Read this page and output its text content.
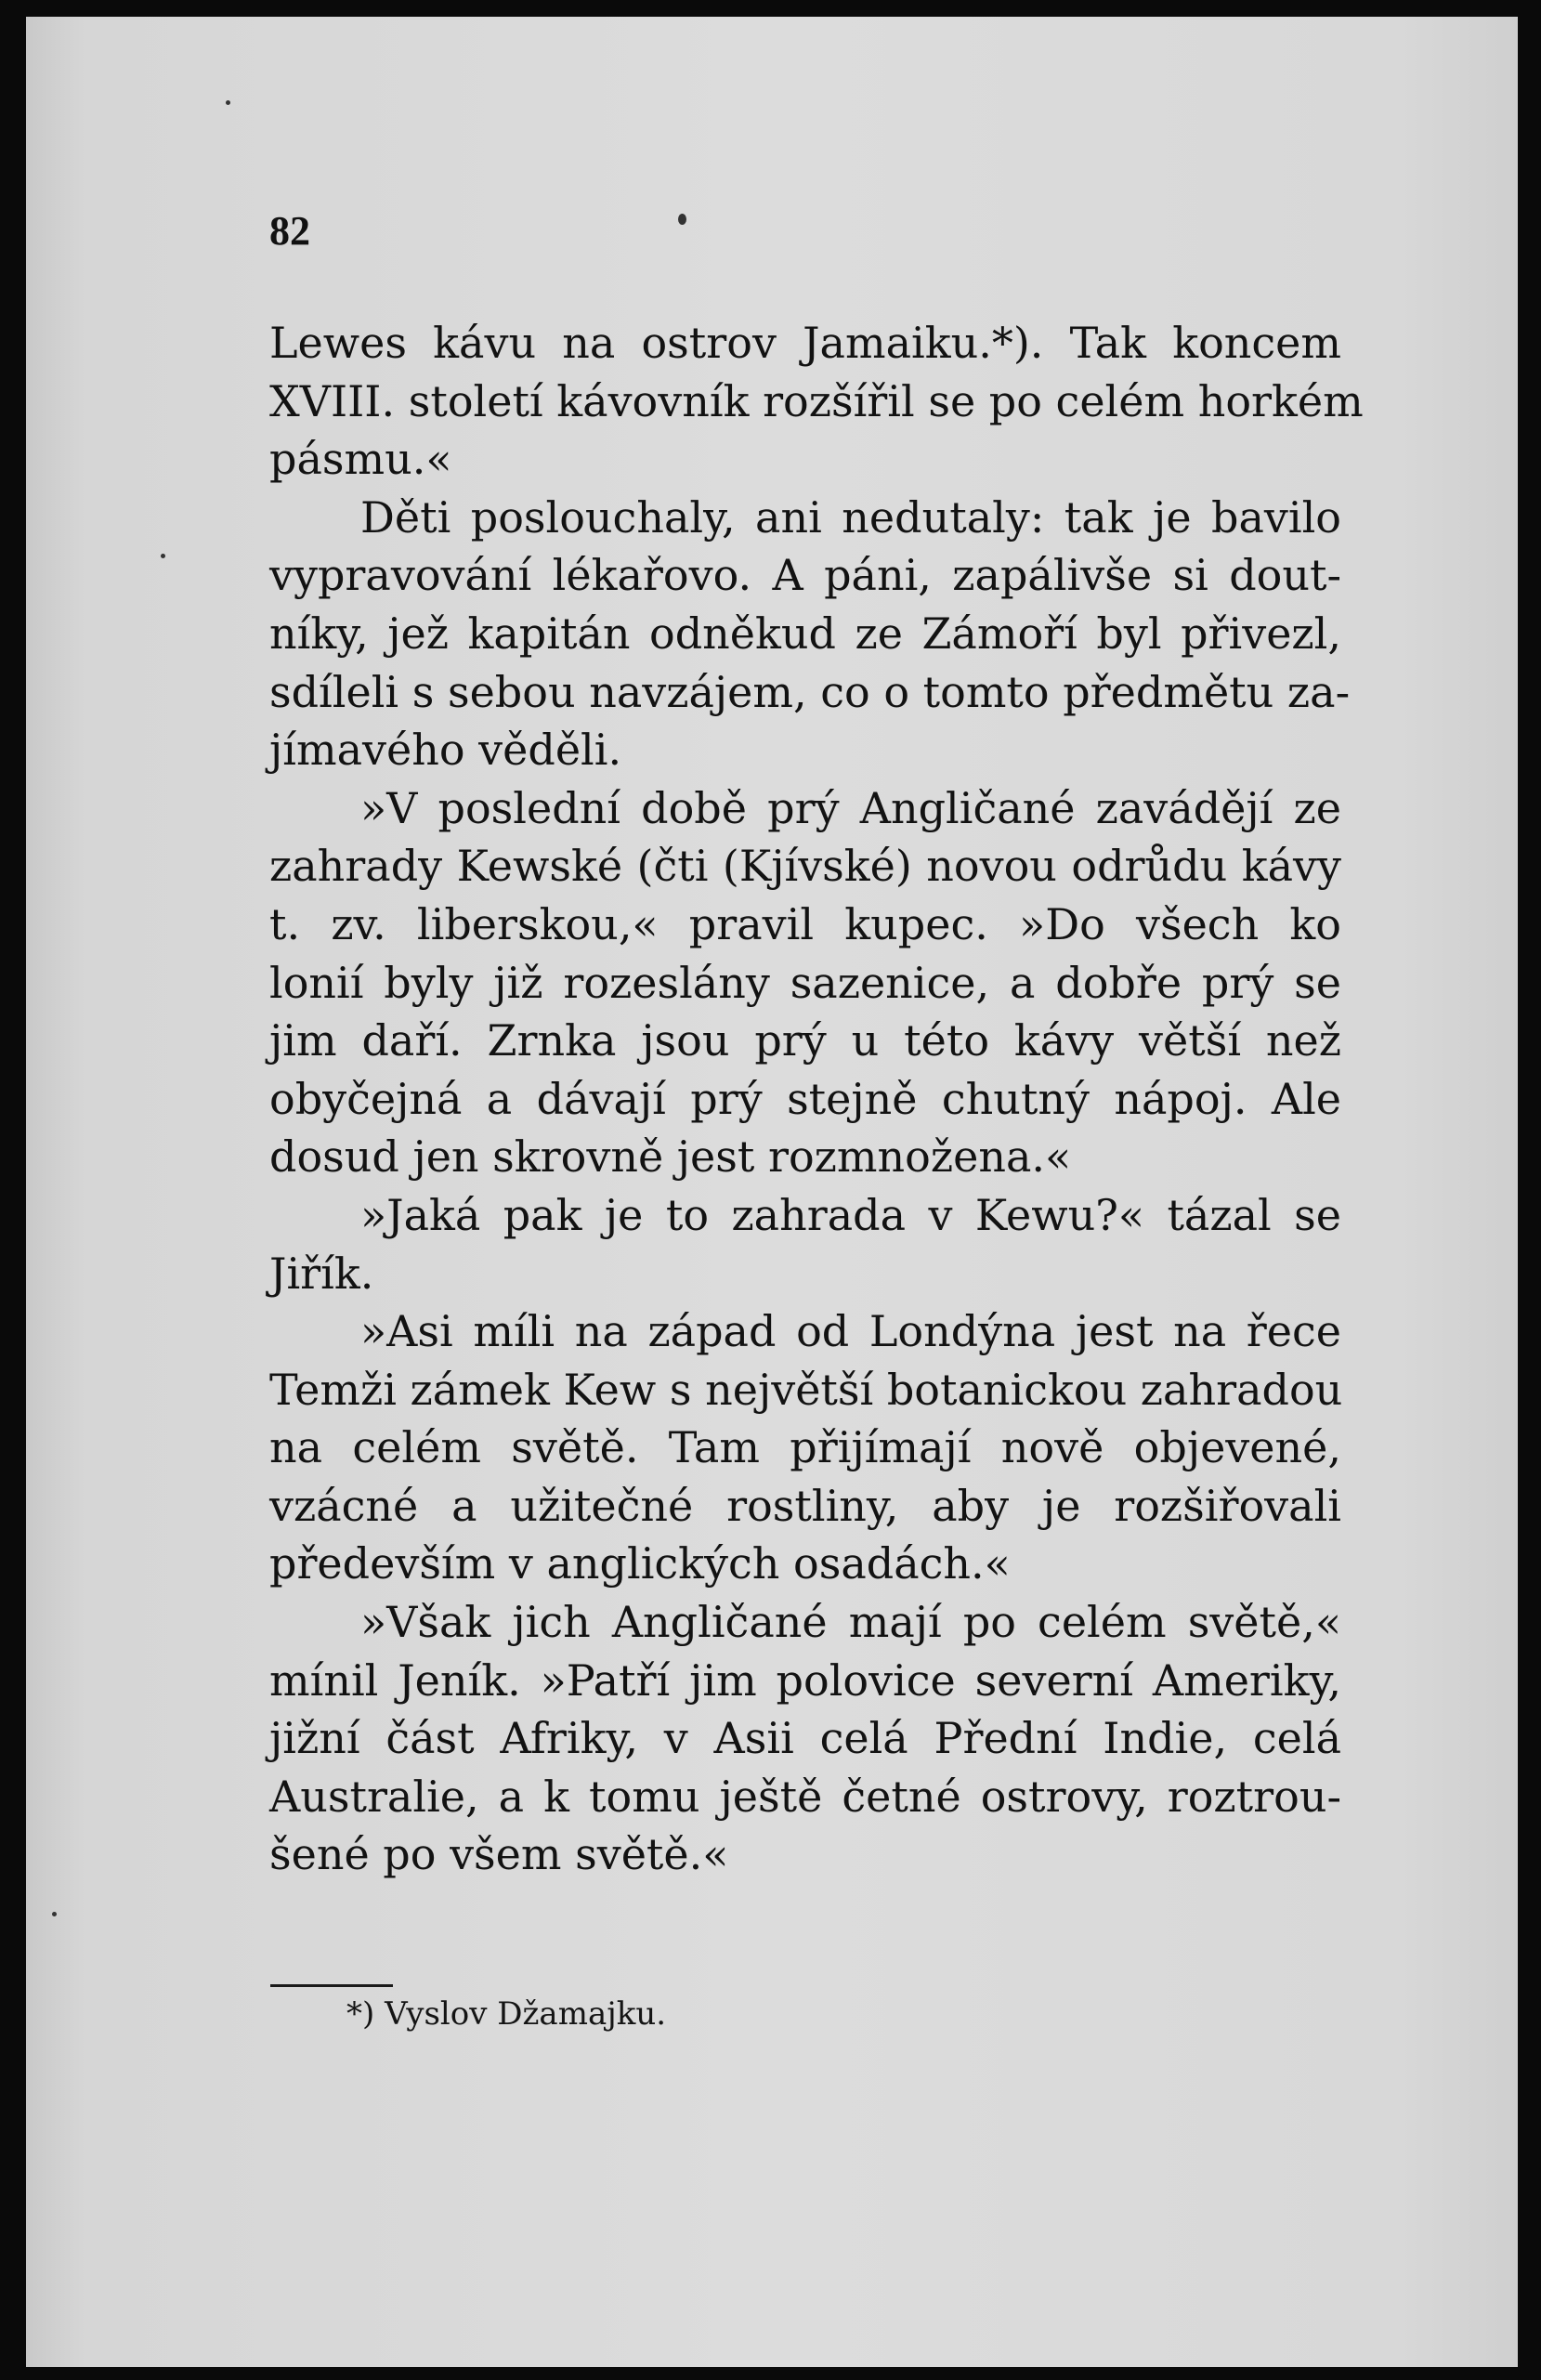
82
Lewes kávu na ostrov Jamaiku.*). Tak koncem
XVIII. století kávovník rozšířil se po celém horkém
pásmu.«
Děti poslouchaly, ani nedutaly: tak je bavilo
vypravování lékařovo. A páni, zapálivše si dout-
níky, jež kapitán odněkud ze Zámoří byl přivezl,
sdíleli s sebou navzájem, co o tomto předmětu za-
jímavého věděli.
»V poslední době prý Angličané zavádějí ze
zahrady Kewské (čti (Kjívské) novou odrůdu kávy
t. zv. liberskou,« pravil kupec. »Do všech ko
lonií byly již rozeslány sazenice, a dobře prý se
jim daří. Zrnka jsou prý u této kávy větší než
obyčejná a dávají prý stejně chutný nápoj. Ale
dosud jen skrovně jest rozmnožena.«
»Jaká pak je to zahrada v Kewu?« tázal se
Jiřík.
»Asi míli na západ od Londýna jest na řece
Temži zámek Kew s největší botanickou zahradou
na celém světě. Tam přijímají nově objevené,
vzácné a užitečné rostliny, aby je rozšiřovali
především v anglických osadách.«
»Však jich Angličané mají po celém světě,«
mínil Jeník. »Patří jim polovice severní Ameriky,
jižní část Afriky, v Asii celá Přední Indie, celá
Australie, a k tomu ještě četné ostrovy, roztrou-
šené po všem světě.«
*) Vyslov Džamajku.
